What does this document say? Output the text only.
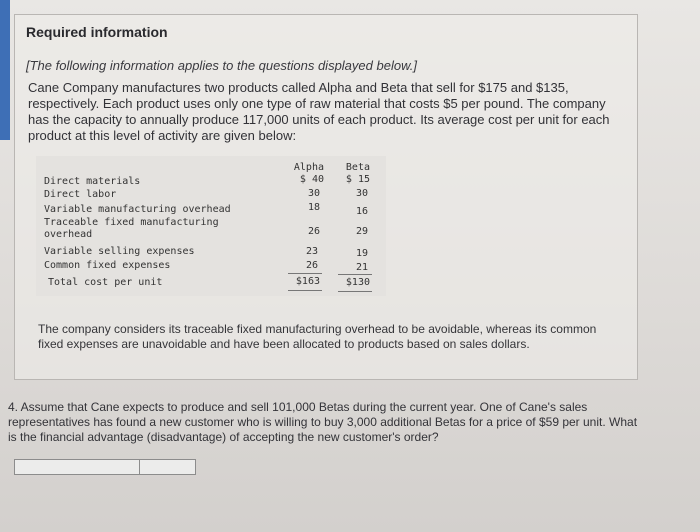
Required information
[The following information applies to the questions displayed below.]
Cane Company manufactures two products called Alpha and Beta that sell for $175 and $135, respectively. Each product uses only one type of raw material that costs $5 per pound. The company has the capacity to annually produce 117,000 units of each product. Its average cost per unit for each product at this level of activity are given below:
Alpha	Beta
Direct materials	$ 40	$ 15
Direct labor	30	30
Variable manufacturing overhead	18	16
Traceable fixed manufacturing
overhead	26	29
Variable selling expenses	23	19
Common fixed expenses	26	21
Total cost per unit	$163	$130
The company considers its traceable fixed manufacturing overhead to be avoidable, whereas its common fixed expenses are unavoidable and have been allocated to products based on sales dollars.
4. Assume that Cane expects to produce and sell 101,000 Betas during the current year. One of Cane's sales representatives has found a new customer who is willing to buy 3,000 additional Betas for a price of $59 per unit. What is the financial advantage (disadvantage) of accepting the new customer's order?
